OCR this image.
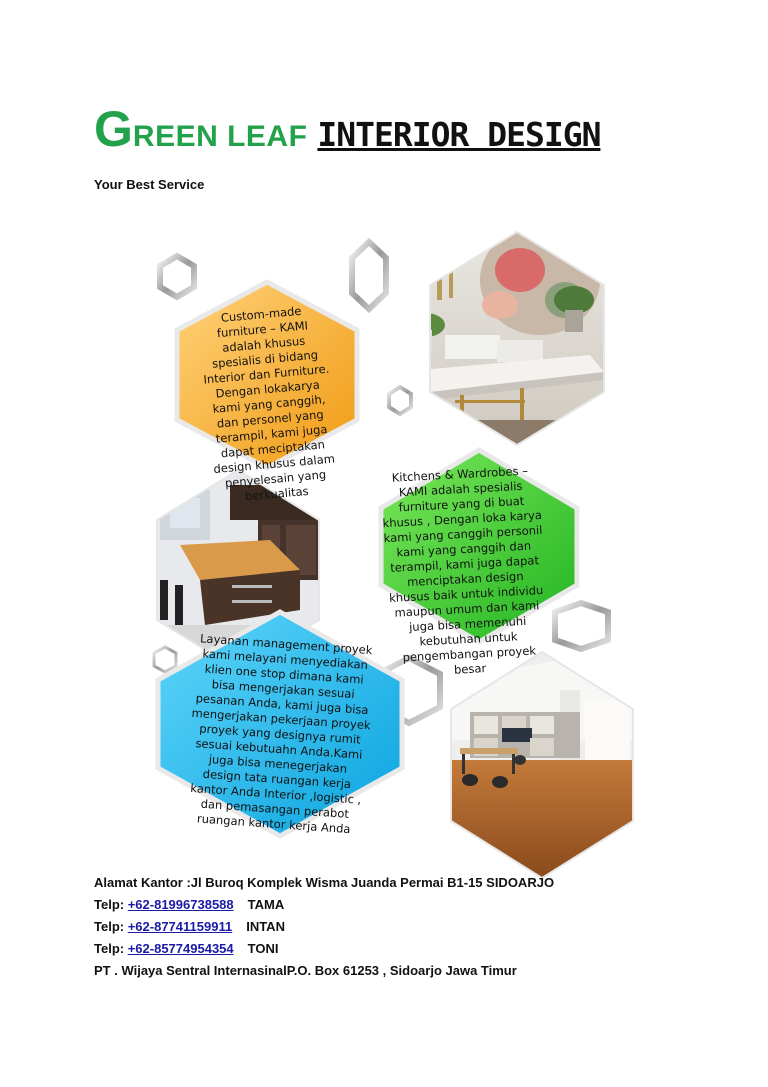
GREEN LEAF INTERIOR DESIGN
Your Best Service
Custom-made furniture – KAMI adalah khusus spesialis di bidang Interior dan Furniture. Dengan lokakarya kami yang canggih, dan personel yang terampil, kami juga dapat meciptakan design khusus dalam penyelesain yang berkualitas
Kitchens & Wardrobes – KAMI adalah spesialis furniture yang di buat khusus , Dengan loka karya kami yang canggih personil kami yang canggih dan terampil, kami juga dapat menciptakan design khusus baik untuk individu maupun umum dan kami juga bisa memenuhi kebutuhan untuk pengembangan proyek besar
Layanan management proyek kami melayani menyediakan klien one stop dimana kami bisa mengerjakan sesuai pesanan Anda, kami juga bisa mengerjakan pekerjaan proyek proyek yang designya rumit sesuai kebutuahn Anda.Kami juga bisa menegerjakan design tata ruangan kerja kantor Anda Interior ,logistic , dan pemasangan perabot ruangan kantor kerja Anda
Alamat Kantor :Jl Buroq Komplek Wisma Juanda Permai B1-15 SIDOARJO
Telp: +62-81996738588 TAMA
Telp: +62-87741159911 INTAN
Telp: +62-85774954354 TONI
PT . Wijaya Sentral InternasinalP.O. Box 61253 , Sidoarjo Jawa Timur
